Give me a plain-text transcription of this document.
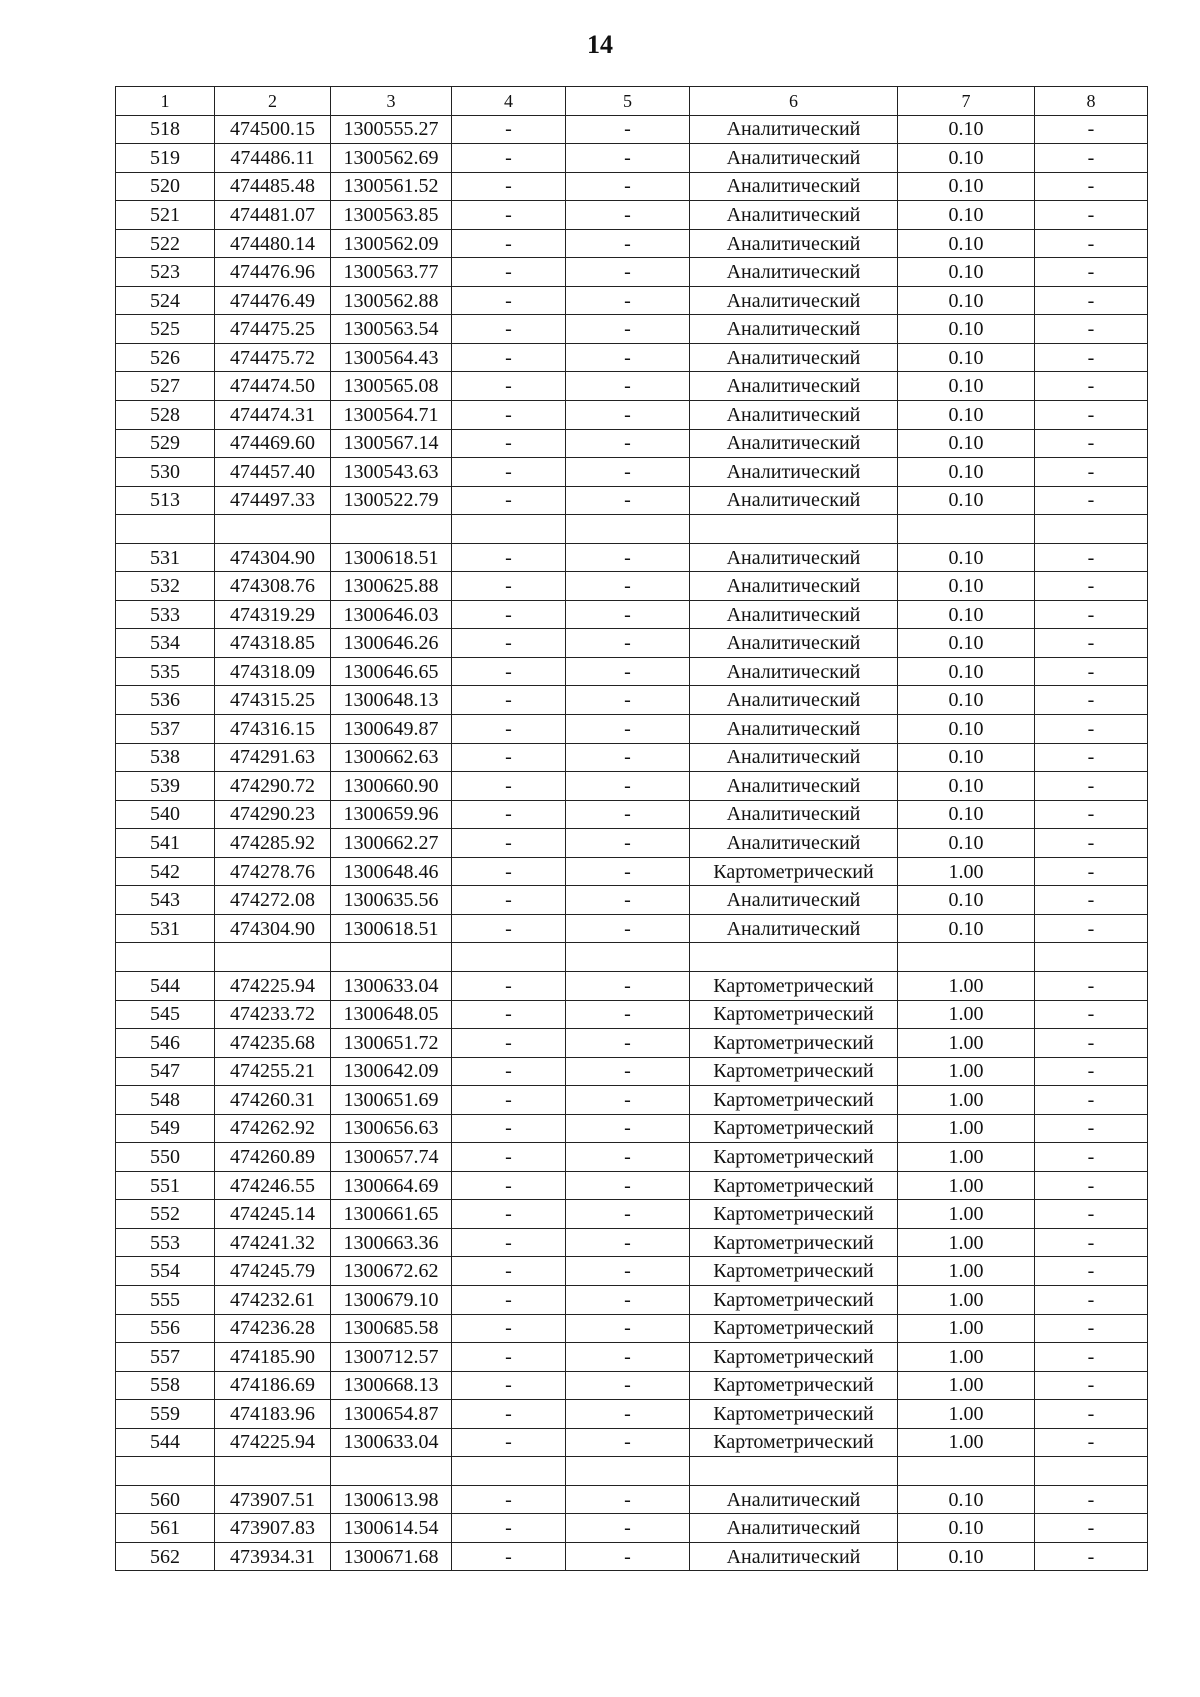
14
1	2	3	4	5	6	7	8
518	474500.15	1300555.27	-	-	Аналитический	0.10	-
519	474486.11	1300562.69	-	-	Аналитический	0.10	-
520	474485.48	1300561.52	-	-	Аналитический	0.10	-
521	474481.07	1300563.85	-	-	Аналитический	0.10	-
522	474480.14	1300562.09	-	-	Аналитический	0.10	-
523	474476.96	1300563.77	-	-	Аналитический	0.10	-
524	474476.49	1300562.88	-	-	Аналитический	0.10	-
525	474475.25	1300563.54	-	-	Аналитический	0.10	-
526	474475.72	1300564.43	-	-	Аналитический	0.10	-
527	474474.50	1300565.08	-	-	Аналитический	0.10	-
528	474474.31	1300564.71	-	-	Аналитический	0.10	-
529	474469.60	1300567.14	-	-	Аналитический	0.10	-
530	474457.40	1300543.63	-	-	Аналитический	0.10	-
513	474497.33	1300522.79	-	-	Аналитический	0.10	-

531	474304.90	1300618.51	-	-	Аналитический	0.10	-
532	474308.76	1300625.88	-	-	Аналитический	0.10	-
533	474319.29	1300646.03	-	-	Аналитический	0.10	-
534	474318.85	1300646.26	-	-	Аналитический	0.10	-
535	474318.09	1300646.65	-	-	Аналитический	0.10	-
536	474315.25	1300648.13	-	-	Аналитический	0.10	-
537	474316.15	1300649.87	-	-	Аналитический	0.10	-
538	474291.63	1300662.63	-	-	Аналитический	0.10	-
539	474290.72	1300660.90	-	-	Аналитический	0.10	-
540	474290.23	1300659.96	-	-	Аналитический	0.10	-
541	474285.92	1300662.27	-	-	Аналитический	0.10	-
542	474278.76	1300648.46	-	-	Картометрический	1.00	-
543	474272.08	1300635.56	-	-	Аналитический	0.10	-
531	474304.90	1300618.51	-	-	Аналитический	0.10	-

544	474225.94	1300633.04	-	-	Картометрический	1.00	-
545	474233.72	1300648.05	-	-	Картометрический	1.00	-
546	474235.68	1300651.72	-	-	Картометрический	1.00	-
547	474255.21	1300642.09	-	-	Картометрический	1.00	-
548	474260.31	1300651.69	-	-	Картометрический	1.00	-
549	474262.92	1300656.63	-	-	Картометрический	1.00	-
550	474260.89	1300657.74	-	-	Картометрический	1.00	-
551	474246.55	1300664.69	-	-	Картометрический	1.00	-
552	474245.14	1300661.65	-	-	Картометрический	1.00	-
553	474241.32	1300663.36	-	-	Картометрический	1.00	-
554	474245.79	1300672.62	-	-	Картометрический	1.00	-
555	474232.61	1300679.10	-	-	Картометрический	1.00	-
556	474236.28	1300685.58	-	-	Картометрический	1.00	-
557	474185.90	1300712.57	-	-	Картометрический	1.00	-
558	474186.69	1300668.13	-	-	Картометрический	1.00	-
559	474183.96	1300654.87	-	-	Картометрический	1.00	-
544	474225.94	1300633.04	-	-	Картометрический	1.00	-

560	473907.51	1300613.98	-	-	Аналитический	0.10	-
561	473907.83	1300614.54	-	-	Аналитический	0.10	-
562	473934.31	1300671.68	-	-	Аналитический	0.10	-
